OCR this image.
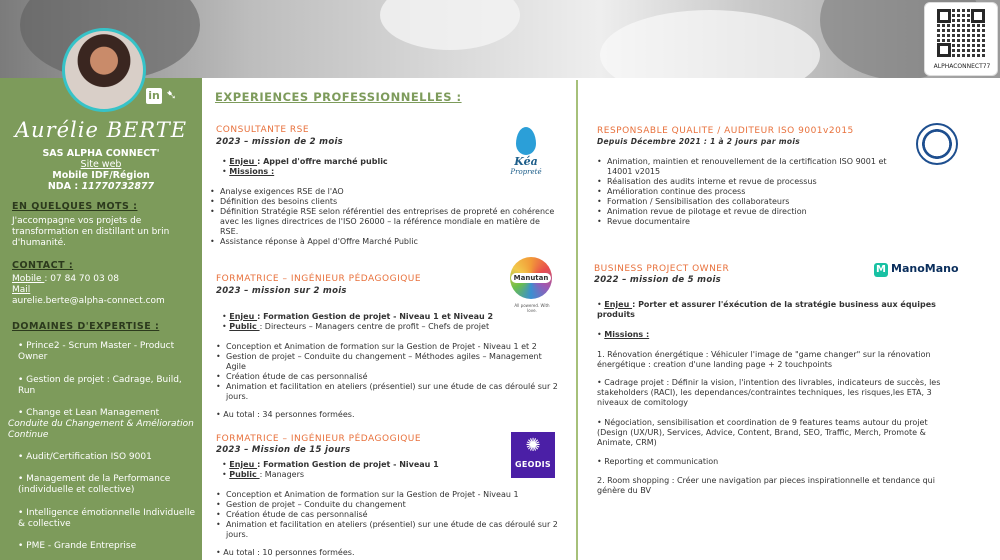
ALPHACONNECT77
in ➷
Aurélie BERTE
SAS ALPHA CONNECT'
Site web
Mobile IDF/Région
NDA : 11770732877
EN QUELQUES MOTS :
J'accompagne vos projets de transformation en distillant un brin d'humanité.
CONTACT :
Mobile : 07 84 70 03 08
Mail
aurelie.berte@alpha-connect.com
DOMAINES D'EXPERTISE :
• Prince2 - Scrum Master - Product Owner
• Gestion de projet : Cadrage, Build, Run
• Change et Lean Management
Conduite du Changement & Amélioration Continue
• Audit/Certification ISO 9001
• Management de la Performance (individuelle et collective)
• Intelligence émotionnelle Individuelle & collective
• PME - Grande Entreprise
EXPERIENCES PROFESSIONNELLES :
CONSULTANTE RSE
2023 – mission de 2 mois
• Enjeu : Appel d'offre marché public
• Missions :
• Analyse exigences RSE de l'AO
• Définition des besoins clients
• Définition Stratégie RSE selon référentiel des entreprises de propreté en cohérence avec les lignes directrices de l'ISO 26000 – la référence mondiale en matière de RSE.
• Assistance réponse à Appel d'Offre Marché Public
Kéa
Propreté
FORMATRICE – INGÉNIEUR PÉDAGOGIQUE
2023 – mission sur 2 mois
• Enjeu : Formation Gestion de projet - Niveau 1 et Niveau 2
• Public : Directeurs – Managers centre de profit – Chefs de projet
• Conception et Animation de formation sur la Gestion de Projet - Niveau 1 et 2
• Gestion de projet – Conduite du changement – Méthodes agiles – Management Agile
• Création étude de cas personnalisé
• Animation et facilitation en ateliers (présentiel) sur une étude de cas déroulé sur 2 jours.
• Au total : 34 personnes formées.
Manutan
All powered. With love.
FORMATRICE – INGÉNIEUR PÉDAGOGIQUE
2023 – Mission de 15 jours
• Enjeu : Formation Gestion de projet - Niveau 1
• Public : Managers
• Conception et Animation de formation sur la Gestion de Projet - Niveau 1
• Gestion de projet – Conduite du changement
• Création étude de cas personnalisé
• Animation et facilitation en ateliers (présentiel) sur une étude de cas déroulé sur 2 jours.
• Au total : 10 personnes formées.
✺
GEODIS
RESPONSABLE QUALITE / AUDITEUR ISO 9001v2015
Depuis Décembre 2021 : 1 à 2 jours par mois
• Animation, maintien et renouvellement de la certification ISO 9001 et 14001 v2015
• Réalisation des audits interne et revue de processus
• Amélioration continue des process
• Formation / Sensibilisation des collaborateurs
• Animation revue de pilotage et revue de direction
• Revue documentaire
BUSINESS PROJECT OWNER
2022 – mission de 5 mois
• Enjeu : Porter et assurer l'éxécution de la stratégie business aux équipes produits
• Missions :
1. Rénovation énergétique : Véhiculer l'image de "game changer" sur la rénovation énergétique : creation d'une landing page + 2 touchpoints
• Cadrage projet : Définir la vision, l'intention des livrables, indicateurs de succès, les stakeholders (RACI), les dependances/contraintes techniques, les risques,les ETA, 3 niveaux de comitology
• Négociation, sensibilisation et coordination de 9 features teams autour du projet (Design (UX/UR), Services, Advice, Content, Brand, SEO, Traffic, Merch, Promote & Animate, CRM)
• Reporting et communication
2. Room shopping : Créer une navigation par pieces inspirationnelle et tendance qui génère du BV
M ManoMano
